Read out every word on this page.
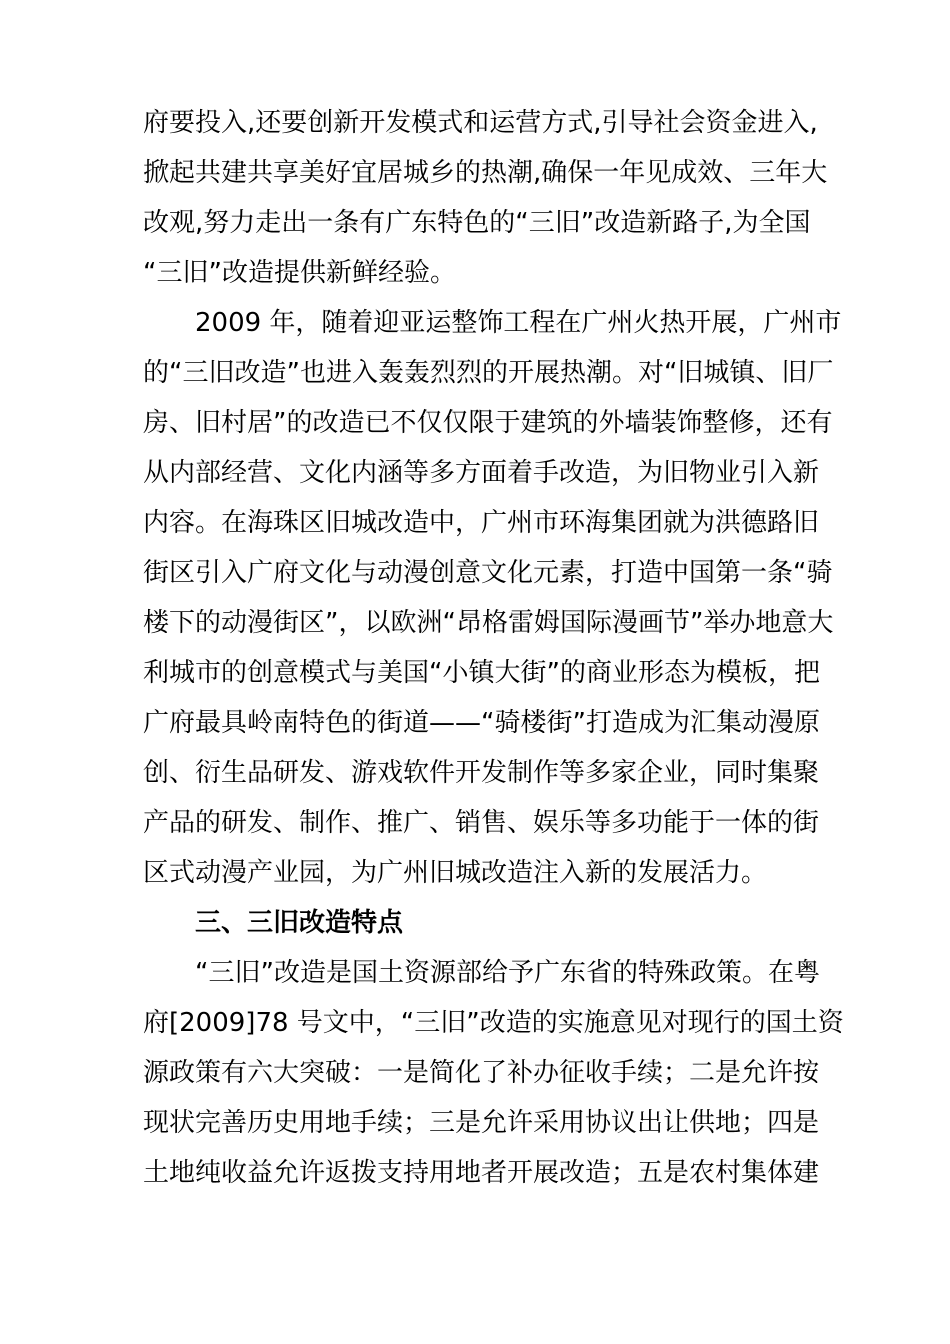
府要投入,还要创新开发模式和运营方式,引导社会资金进入,
掀起共建共享美好宜居城乡的热潮,确保一年见成效、三年大
改观,努力走出一条有广东特色的“三旧”改造新路子,为全国
“三旧”改造提供新鲜经验。
2009 年，随着迎亚运整饰工程在广州火热开展，广州市
的“三旧改造”也进入轰轰烈烈的开展热潮。对“旧城镇、旧厂
房、旧村居”的改造已不仅仅限于建筑的外墙装饰整修，还有
从内部经营、文化内涵等多方面着手改造，为旧物业引入新
内容。在海珠区旧城改造中，广州市环海集团就为洪德路旧
街区引入广府文化与动漫创意文化元素，打造中国第一条“骑
楼下的动漫街区”，以欧洲“昂格雷姆国际漫画节”举办地意大
利城市的创意模式与美国“小镇大街”的商业形态为模板，把
广府最具岭南特色的街道——“骑楼街”打造成为汇集动漫原
创、衍生品研发、游戏软件开发制作等多家企业，同时集聚
产品的研发、制作、推广、销售、娱乐等多功能于一体的街
区式动漫产业园，为广州旧城改造注入新的发展活力。
三、三旧改造特点
“三旧”改造是国土资源部给予广东省的特殊政策。在粤
府[2009]78 号文中，“三旧”改造的实施意见对现行的国土资
源政策有六大突破：一是简化了补办征收手续；二是允许按
现状完善历史用地手续；三是允许采用协议出让供地；四是
土地纯收益允许返拨支持用地者开展改造；五是农村集体建
